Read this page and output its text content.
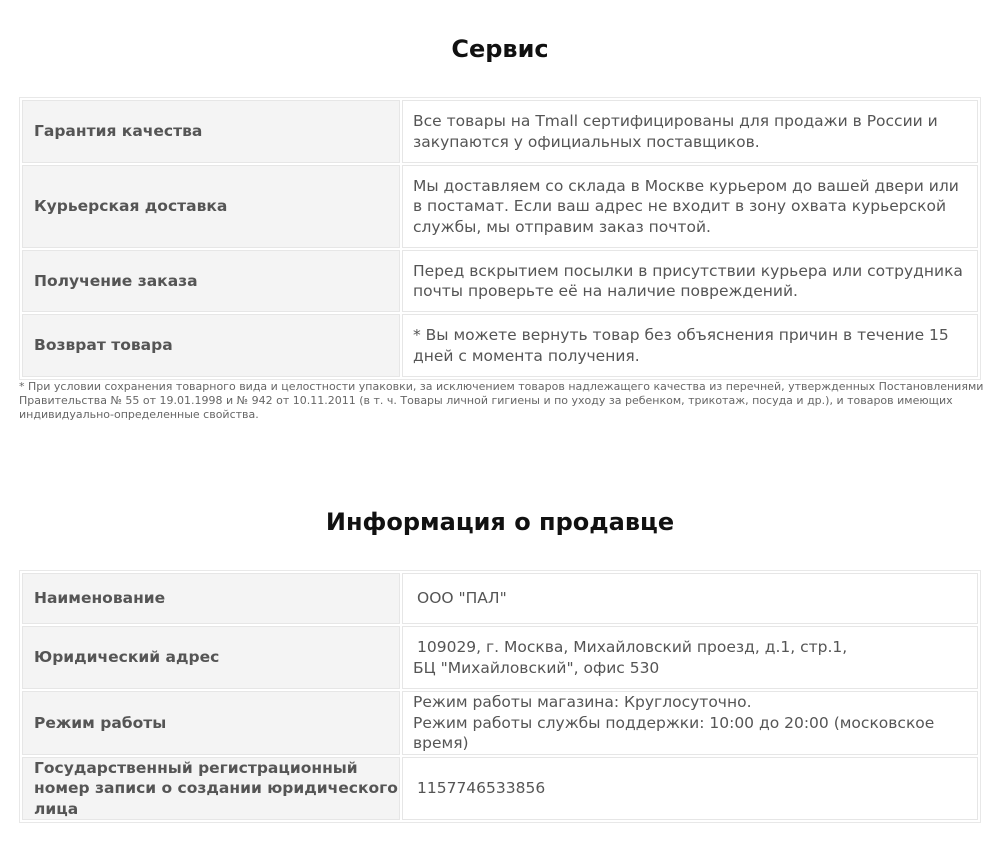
Сервис
Гарантия качества	Все товары на Tmall сертифицированы для продажи в России и закупаются у официальных поставщиков.
Курьерская доставка	Мы доставляем со склада в Москве курьером до вашей двери или в постамат. Если ваш адрес не входит в зону охвата курьерской службы, мы отправим заказ почтой.
Получение заказа	Перед вскрытием посылки в присутствии курьера или сотрудника почты проверьте её на наличие повреждений.
Возврат товара	* Вы можете вернуть товар без объяснения причин в течение 15 дней с момента получения.
* При условии сохранения товарного вида и целостности упаковки, за исключением товаров надлежащего качества из перечней, утвержденных Постановлениями Правительства № 55 от 19.01.1998 и № 942 от 10.11.2011 (в т. ч. Товары личной гигиены и по уходу за ребенком, трикотаж, посуда и др.), и товаров имеющих индивидуально-определенные свойства.
Информация о продавце
Наименование	ООО "ПАЛ"

Юридический адрес	109029, г. Москва, Михайловский проезд, д.1, стр.1,
БЦ "Михайловский", офис 530

Режим работы	Режим работы магазина: Круглосуточно.
Режим работы службы поддержки: 10:00 до 20:00 (московское время)

Государственный регистрационный номер записи о создании юридического лица	1157746533856
